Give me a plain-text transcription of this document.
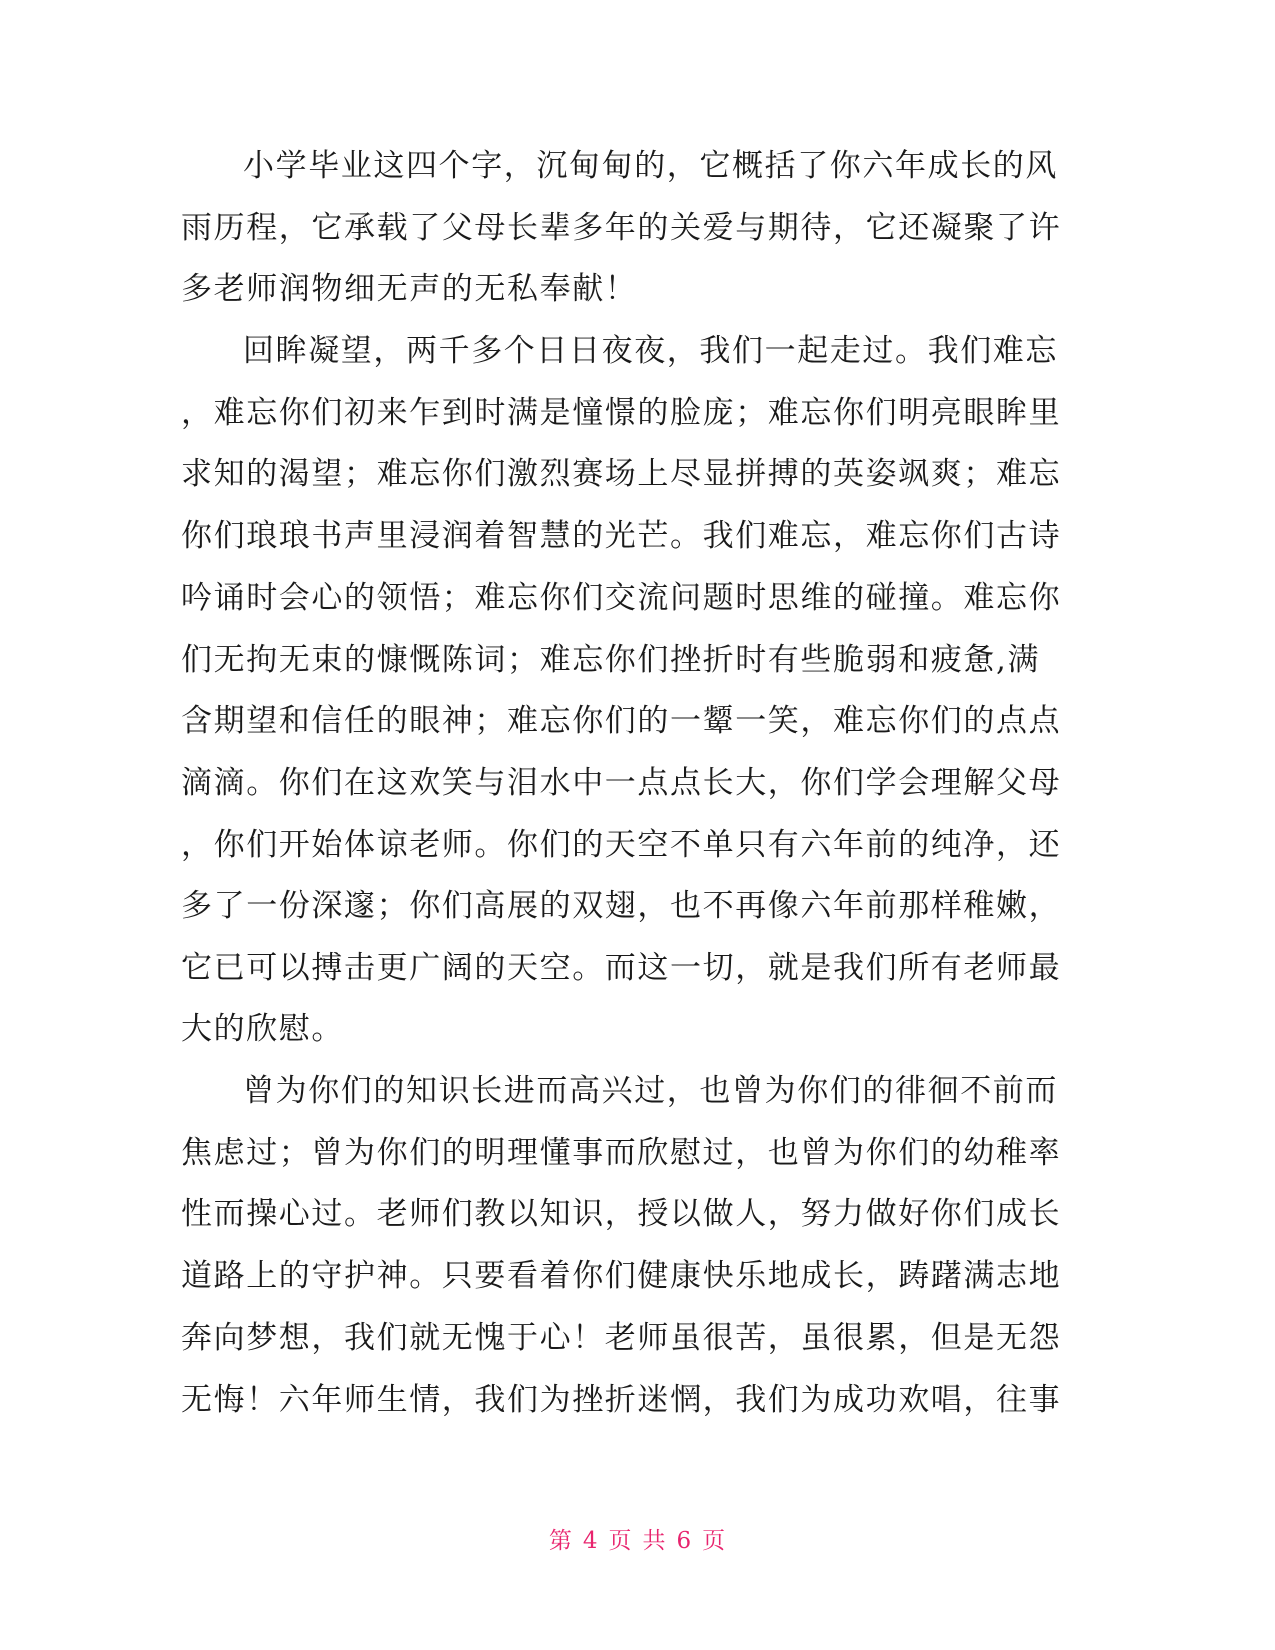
小学毕业这四个字，沉甸甸的，它概括了你六年成长的风
雨历程，它承载了父母长辈多年的关爱与期待，它还凝聚了许
多老师润物细无声的无私奉献！
回眸凝望，两千多个日日夜夜，我们一起走过。我们难忘
，难忘你们初来乍到时满是憧憬的脸庞；难忘你们明亮眼眸里
求知的渴望；难忘你们激烈赛场上尽显拼搏的英姿飒爽；难忘
你们琅琅书声里浸润着智慧的光芒。我们难忘，难忘你们古诗
吟诵时会心的领悟；难忘你们交流问题时思维的碰撞。难忘你
们无拘无束的慷慨陈词；难忘你们挫折时有些脆弱和疲惫,满
含期望和信任的眼神；难忘你们的一颦一笑，难忘你们的点点
滴滴。你们在这欢笑与泪水中一点点长大，你们学会理解父母
，你们开始体谅老师。你们的天空不单只有六年前的纯净，还
多了一份深邃；你们高展的双翅，也不再像六年前那样稚嫩，
它已可以搏击更广阔的天空。而这一切，就是我们所有老师最
大的欣慰。
曾为你们的知识长进而高兴过，也曾为你们的徘徊不前而
焦虑过；曾为你们的明理懂事而欣慰过，也曾为你们的幼稚率
性而操心过。老师们教以知识，授以做人，努力做好你们成长
道路上的守护神。只要看着你们健康快乐地成长，踌躇满志地
奔向梦想，我们就无愧于心！老师虽很苦，虽很累，但是无怨
无悔！六年师生情，我们为挫折迷惘，我们为成功欢唱，往事
第 4 页 共 6 页
